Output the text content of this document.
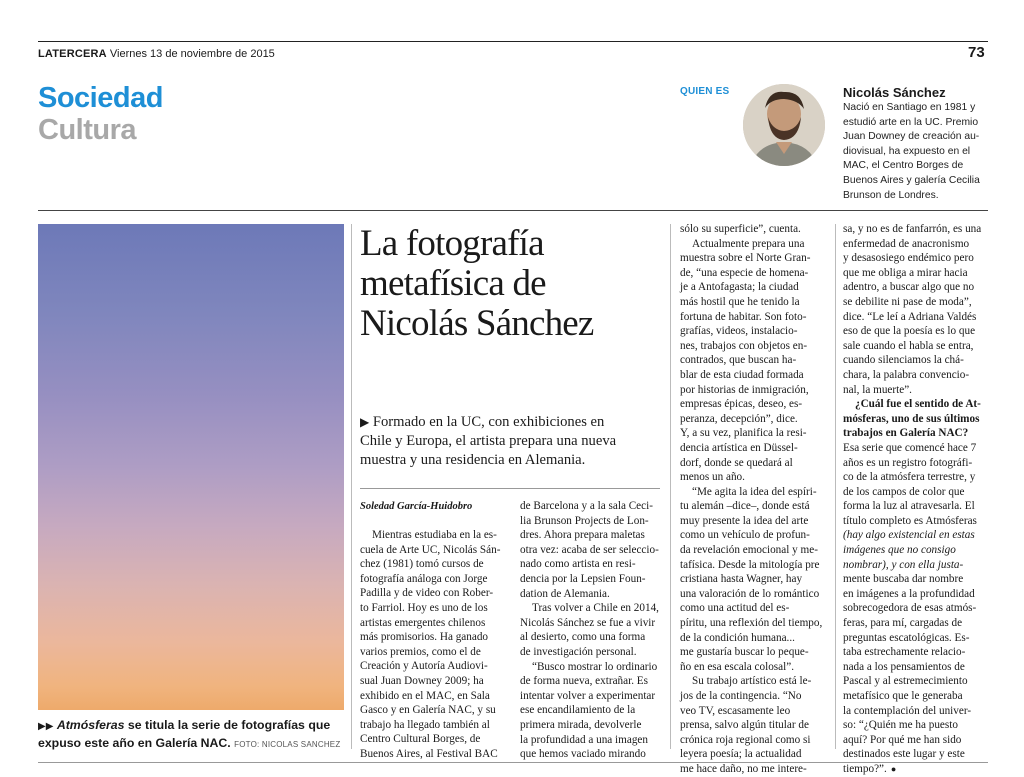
LATERCERA Viernes 13 de noviembre de 2015	73
Sociedad
Cultura
QUIEN ES	Nicolás Sánchez
Nació en Santiago en 1981 y
estudió arte en la UC. Premio
Juan Downey de creación au-
diovisual, ha expuesto en el
MAC, el Centro Borges de
Buenos Aires y galería Cecilia
Brunson de Londres.
▶▶ Atmósferas se titula la serie de fotografías que
expuso este año en Galería NAC. FOTO: NICOLAS SANCHEZ
La fotografía
metafísica de
Nicolás Sánchez
▶ Formado en la UC, con exhibiciones en
Chile y Europa, el artista prepara una nueva
muestra y una residencia en Alemania.
Soledad García-Huidobro
Mientras estudiaba en la es-
cuela de Arte UC, Nicolás Sán-
chez (1981) tomó cursos de
fotografía análoga con Jorge
Padilla y de video con Rober-
to Farriol. Hoy es uno de los
artistas emergentes chilenos
más promisorios. Ha ganado
varios premios, como el de
Creación y Autoría Audiovi-
sual Juan Downey 2009; ha
exhibido en el MAC, en Sala
Gasco y en Galería NAC, y su
trabajo ha llegado también al
Centro Cultural Borges, de
Buenos Aires, al Festival BAC
de Barcelona y a la sala Ceci-
lia Brunson Projects de Lon-
dres. Ahora prepara maletas
otra vez: acaba de ser seleccio-
nado como artista en resi-
dencia por la Lepsien Foun-
dation de Alemania.
Tras volver a Chile en 2014,
Nicolás Sánchez se fue a vivir
al desierto, como una forma
de investigación personal.
“Busco mostrar lo ordinario
de forma nueva, extrañar. Es
intentar volver a experimentar
ese encandilamiento de la
primera mirada, devolverle
la profundidad a una imagen
que hemos vaciado mirando
sólo su superficie”, cuenta.
Actualmente prepara una
muestra sobre el Norte Gran-
de, “una especie de homena-
je a Antofagasta; la ciudad
más hostil que he tenido la
fortuna de habitar. Son foto-
grafías, videos, instalacio-
nes, trabajos con objetos en-
contrados, que buscan ha-
blar de esta ciudad formada
por historias de inmigración,
empresas épicas, deseo, es-
peranza, decepción”, dice.
Y, a su vez, planifica la resi-
dencia artística en Düssel-
dorf, donde se quedará al
menos un año.
“Me agita la idea del espíri-
tu alemán –dice–, donde está
muy presente la idea del arte
como un vehículo de profun-
da revelación emocional y me-
tafísica. Desde la mitología pre
cristiana hasta Wagner, hay
una valoración de lo romántico
como una actitud del es-
píritu, una reflexión del tiempo,
de la condición humana...
me gustaría buscar lo peque-
ño en esa escala colosal”.
Su trabajo artístico está le-
jos de la contingencia. “No
veo TV, escasamente leo
prensa, salvo algún titular de
crónica roja regional como si
leyera poesía; la actualidad
me hace daño, no me intere-
sa, y no es de fanfarrón, es una
enfermedad de anacronismo
y desasosiego endémico pero
que me obliga a mirar hacia
adentro, a buscar algo que no
se debilite ni pase de moda”,
dice. “Le leí a Adriana Valdés
eso de que la poesía es lo que
sale cuando el habla se entra,
cuando silenciamos la chá-
chara, la palabra convencio-
nal, la muerte”.
¿Cuál fue el sentido de At-
mósferas, uno de sus últimos
trabajos en Galería NAC?
Esa serie que comencé hace 7
años es un registro fotográfi-
co de la atmósfera terrestre, y
de los campos de color que
forma la luz al atravesarla. El
título completo es Atmósferas
(hay algo existencial en estas
imágenes que no consigo
nombrar), y con ella justa-
mente buscaba dar nombre
en imágenes a la profundidad
sobrecogedora de esas atmós-
feras, para mí, cargadas de
preguntas escatológicas. Es-
taba estrechamente relacio-
nada a los pensamientos de
Pascal y al estremecimiento
metafísico que le generaba
la contemplación del univer-
so: “¿Quién me ha puesto
aquí? Por qué me han sido
destinados este lugar y este
tiempo?”. ●
